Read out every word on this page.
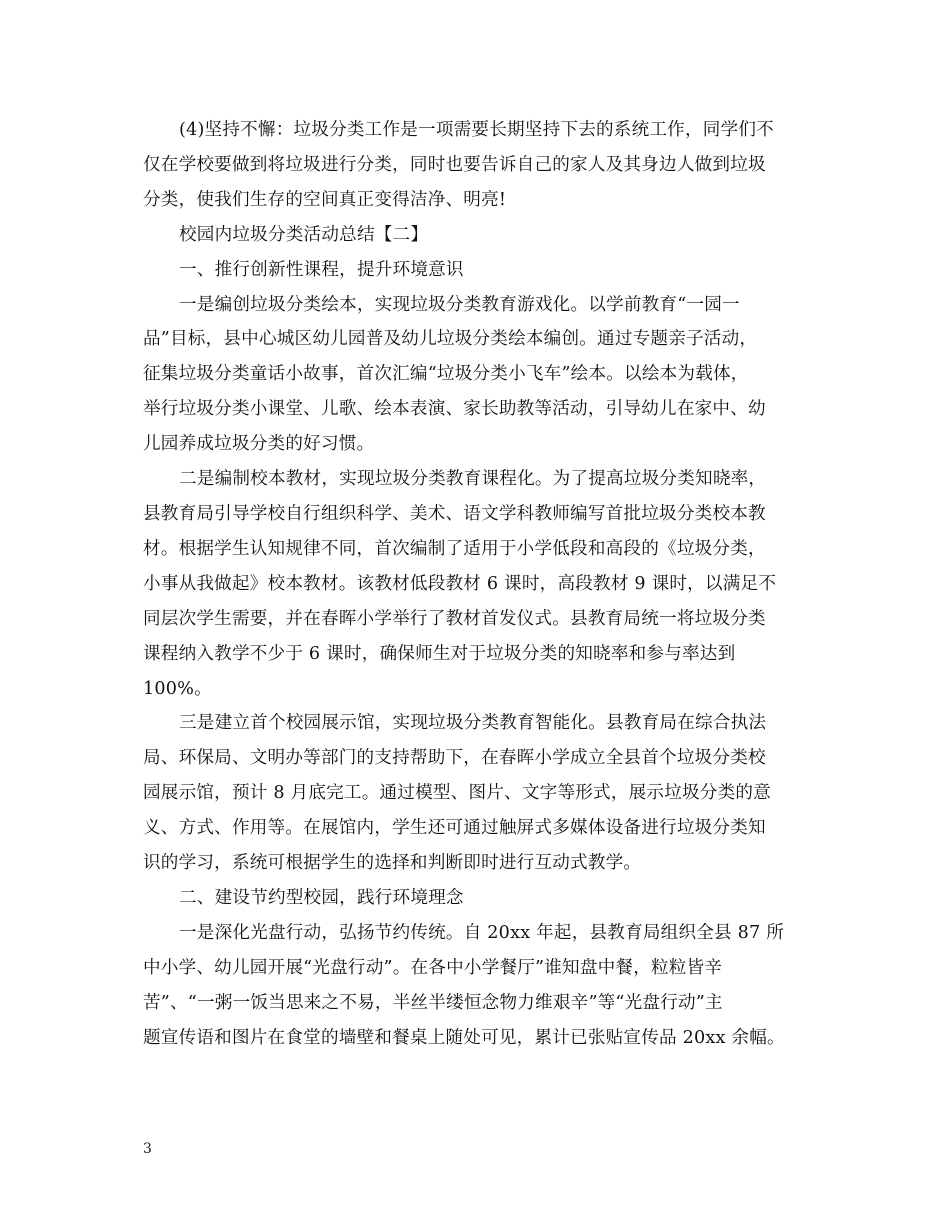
(4)坚持不懈：垃圾分类工作是一项需要长期坚持下去的系统工作，同学们不
仅在学校要做到将垃圾进行分类，同时也要告诉自己的家人及其身边人做到垃圾
分类，使我们生存的空间真正变得洁净、明亮!

校园内垃圾分类活动总结【二】

一、推行创新性课程，提升环境意识

一是编创垃圾分类绘本，实现垃圾分类教育游戏化。以学前教育“一园一
品”目标，县中心城区幼儿园普及幼儿垃圾分类绘本编创。通过专题亲子活动，
征集垃圾分类童话小故事，首次汇编“垃圾分类小飞车”绘本。以绘本为载体，
举行垃圾分类小课堂、儿歌、绘本表演、家长助教等活动，引导幼儿在家中、幼
儿园养成垃圾分类的好习惯。

二是编制校本教材，实现垃圾分类教育课程化。为了提高垃圾分类知晓率，
县教育局引导学校自行组织科学、美术、语文学科教师编写首批垃圾分类校本教
材。根据学生认知规律不同，首次编制了适用于小学低段和高段的《垃圾分类，
小事从我做起》校本教材。该教材低段教材 6 课时，高段教材 9 课时，以满足不
同层次学生需要，并在春晖小学举行了教材首发仪式。县教育局统一将垃圾分类
课程纳入教学不少于 6 课时，确保师生对于垃圾分类的知晓率和参与率达到
100%。

三是建立首个校园展示馆，实现垃圾分类教育智能化。县教育局在综合执法
局、环保局、文明办等部门的支持帮助下，在春晖小学成立全县首个垃圾分类校
园展示馆，预计 8 月底完工。通过模型、图片、文字等形式，展示垃圾分类的意
义、方式、作用等。在展馆内，学生还可通过触屏式多媒体设备进行垃圾分类知
识的学习，系统可根据学生的选择和判断即时进行互动式教学。

二、建设节约型校园，践行环境理念

一是深化光盘行动，弘扬节约传统。自 20xx 年起，县教育局组织全县 87 所
中小学、幼儿园开展“光盘行动”。在各中小学餐厅”谁知盘中餐，粒粒皆辛
苦”、“一粥一饭当思来之不易，半丝半缕恒念物力维艰辛”等“光盘行动”主
题宣传语和图片在食堂的墙壁和餐桌上随处可见，累计已张贴宣传品 20xx 余幅。

3
